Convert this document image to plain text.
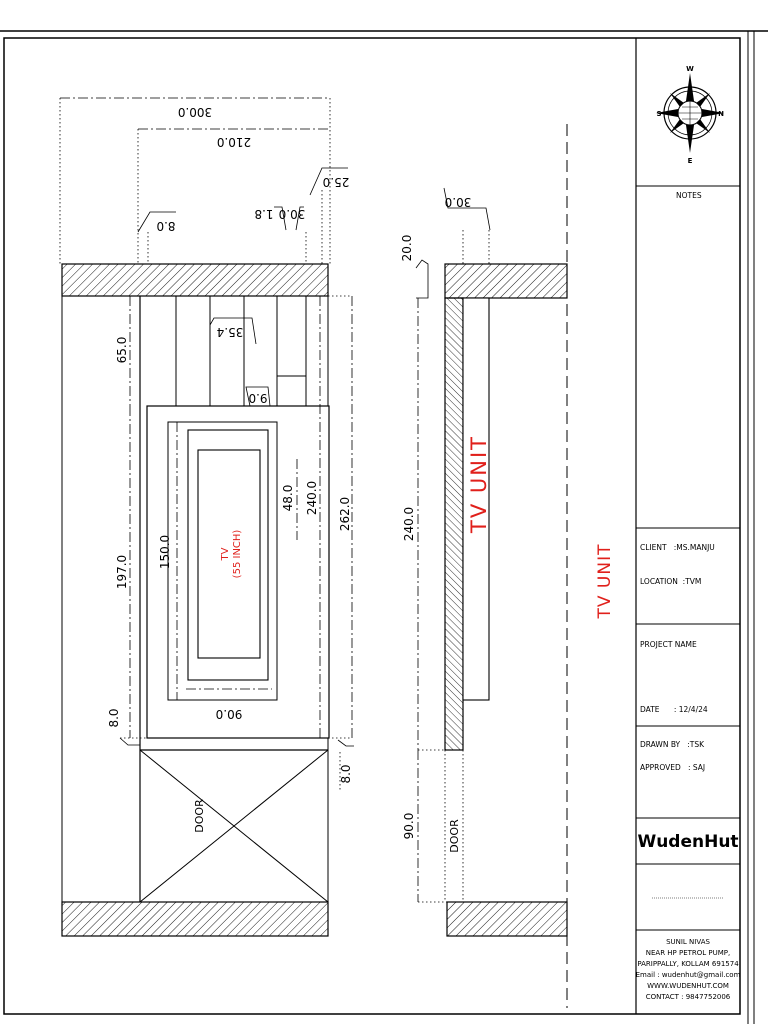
TV (55 INCH)
DOOR
300.0
210.0
25.0
30.0
1.8
8.0
35.4
9.0
65.0
197.0
8.0
150.0
90.0
48.0 240.0 262.0
8.0
30.0
20.0
240.0
90.0	DOOR
TV UNIT
TV UNIT
W
S	N
E
NOTES
CLIENT   :MS.MANJU
LOCATION  :TVM
PROJECT NAME
DATE      : 12/4/24
DRAWN BY   :TSK
APPROVED   : SAJ
WudenHut
SUNIL NIVAS
NEAR HP PETROL PUMP,
PARIPPALLY, KOLLAM 691574
Email : wudenhut@gmail.com
WWW.WUDENHUT.COM
CONTACT : 9847752006
